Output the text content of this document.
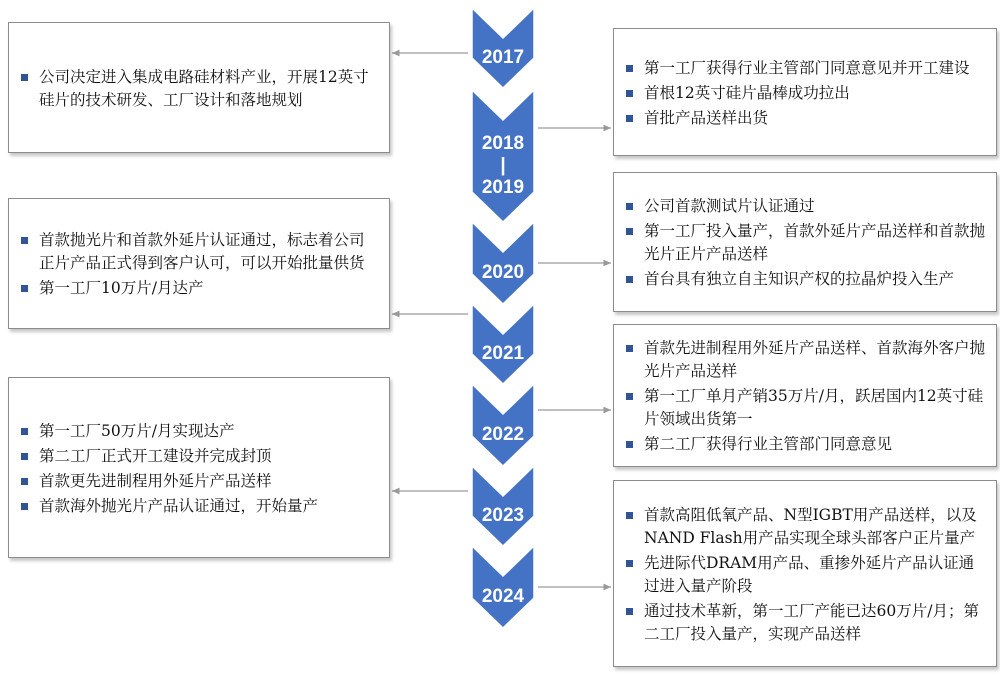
2017
2018
|
2019
2020
2021
2022
2023
2024
公司决定进入集成电路硅材料产业，开展12英寸硅片的技术研发、工厂设计和落地规划
第一工厂获得行业主管部门同意意见并开工建设
首根12英寸硅片晶棒成功拉出
首批产品送样出货
公司首款测试片认证通过
第一工厂投入量产，首款外延片产品送样和首款抛光片正片产品送样
首台具有独立自主知识产权的拉晶炉投入生产
首款抛光片和首款外延片认证通过，标志着公司正片产品正式得到客户认可，可以开始批量供货
第一工厂10万片/月达产
首款先进制程用外延片产品送样、首款海外客户抛光片产品送样
第一工厂单月产销35万片/月，跃居国内12英寸硅片领域出货第一
第二工厂获得行业主管部门同意意见
第一工厂50万片/月实现达产
第二工厂正式开工建设并完成封顶
首款更先进制程用外延片产品送样
首款海外抛光片产品认证通过，开始量产	首款高阻低氧产品、N型IGBT用产品送样，以及NAND Flash用产品实现全球头部客户正片量产
先进际代DRAM用产品、重掺外延片产品认证通过进入量产阶段
通过技术革新，第一工厂产能已达60万片/月；第二工厂投入量产，实现产品送样
